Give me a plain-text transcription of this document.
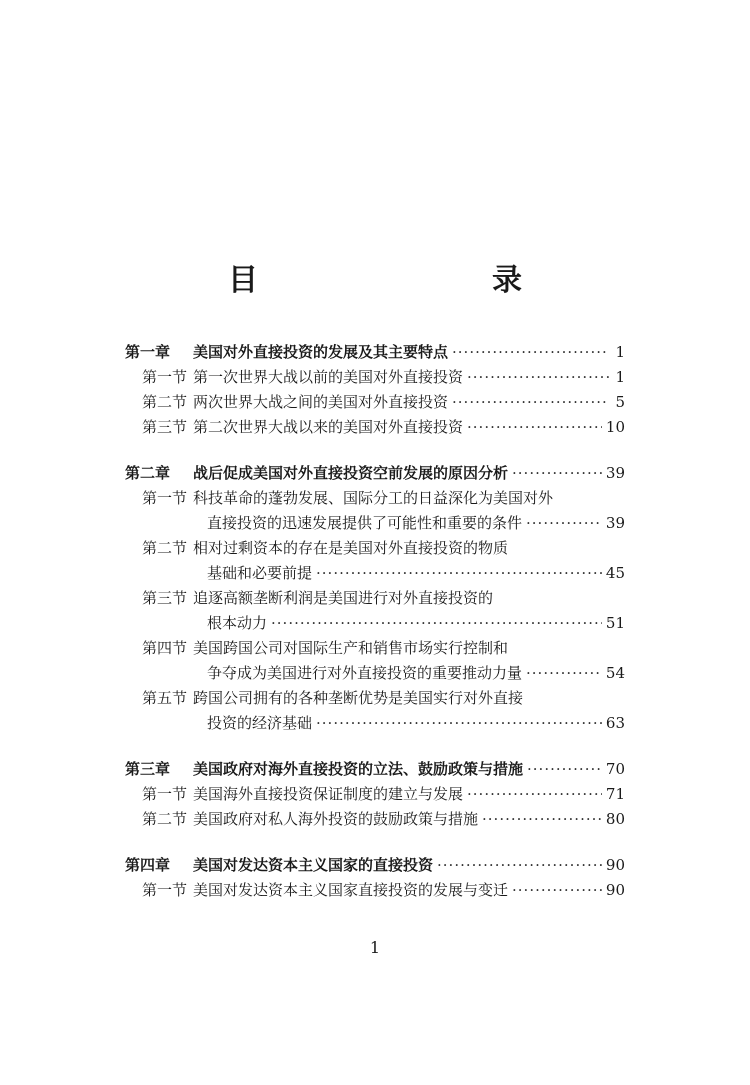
目　　录
第一章	美国对外直接投资的发展及其主要特点 ·····	1
第一节 第一次世界大战以前的美国对外直接投资 ·····	1
第二节 两次世界大战之间的美国对外直接投资 ·····	5
第三节 第二次世界大战以来的美国对外直接投资 ·····	10
第二章	战后促成美国对外直接投资空前发展的原因分析 ·····	39
第一节 科技革命的蓬勃发展、国际分工的日益深化为美国对外
直接投资的迅速发展提供了可能性和重要的条件 ·····	39
第二节 相对过剩资本的存在是美国对外直接投资的物质
基础和必要前提 ·····	45
第三节 追逐高额垄断利润是美国进行对外直接投资的
根本动力 ·····	51
第四节 美国跨国公司对国际生产和销售市场实行控制和
争夺成为美国进行对外直接投资的重要推动力量 ·····	54
第五节 跨国公司拥有的各种垄断优势是美国实行对外直接
投资的经济基础 ·····	63
第三章	美国政府对海外直接投资的立法、鼓励政策与措施 ·····	70
第一节 美国海外直接投资保证制度的建立与发展 ·····	71
第二节 美国政府对私人海外投资的鼓励政策与措施 ·····	80
第四章	美国对发达资本主义国家的直接投资 ·····	90
第一节 美国对发达资本主义国家直接投资的发展与变迁 ·····	90
1
